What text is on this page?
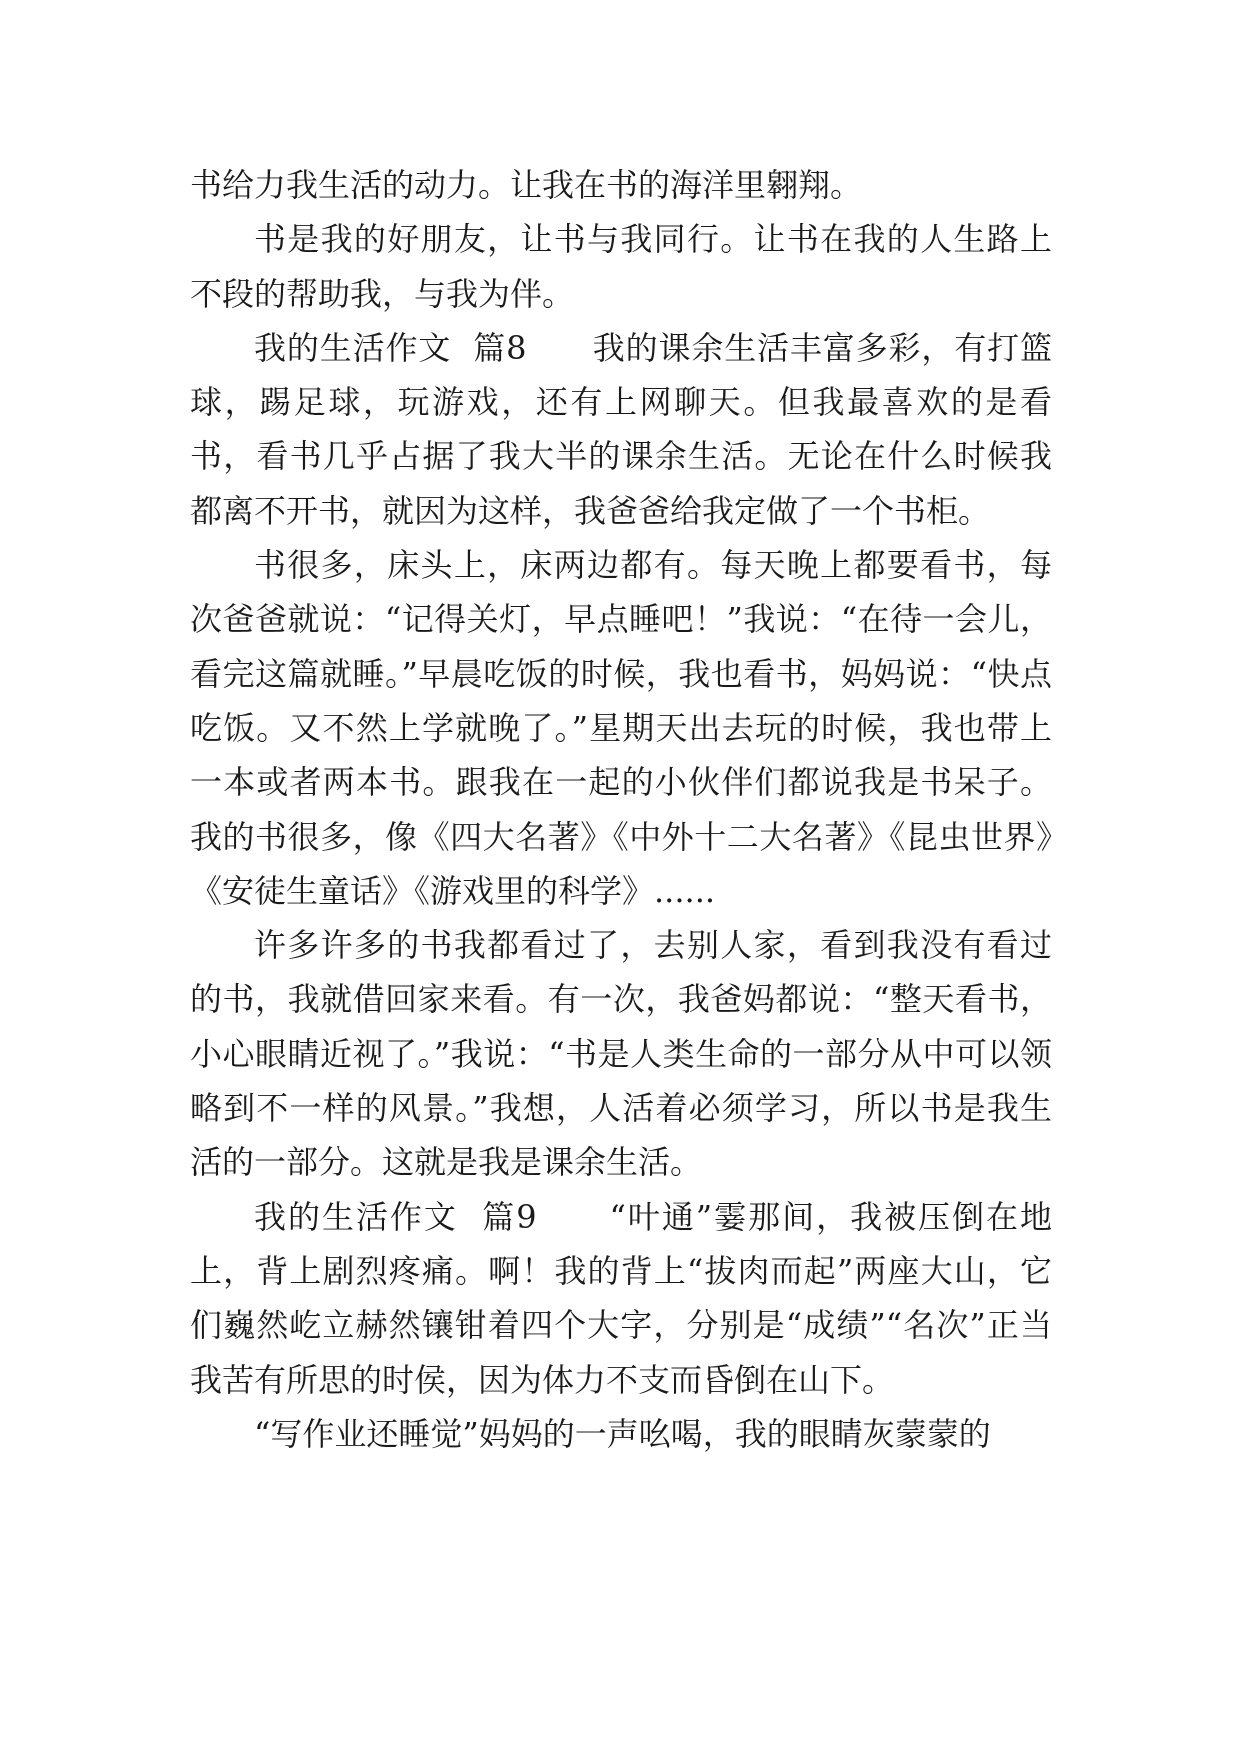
书给力我生活的动力。让我在书的海洋里翱翔。

书是我的好朋友，让书与我同行。让书在我的人生路上不段的帮助我，与我为伴。

我的生活作文  篇8 我的课余生活丰富多彩，有打篮球，踢足球，玩游戏，还有上网聊天。但我最喜欢的是看书，看书几乎占据了我大半的课余生活。无论在什么时候我都离不开书，就因为这样，我爸爸给我定做了一个书柜。

书很多，床头上，床两边都有。每天晚上都要看书，每次爸爸就说：“记得关灯，早点睡吧！”我说：“在待一会儿，看完这篇就睡。”早晨吃饭的时候，我也看书，妈妈说：“快点吃饭。又不然上学就晚了。”星期天出去玩的时候，我也带上一本或者两本书。跟我在一起的小伙伴们都说我是书呆子。我的书很多，像《四大名著》《中外十二大名著》《昆虫世界》《安徒生童话》《游戏里的科学》......

许多许多的书我都看过了，去别人家，看到我没有看过的书，我就借回家来看。有一次，我爸妈都说：“整天看书，小心眼睛近视了。”我说：“书是人类生命的一部分从中可以领略到不一样的风景。”我想，人活着必须学习，所以书是我生活的一部分。这就是我是课余生活。

我的生活作文  篇9 “叶通”霎那间，我被压倒在地上，背上剧烈疼痛。啊！我的背上“拔肉而起”两座大山，它们巍然屹立赫然镶钳着四个大字，分别是“成绩”“名次”正当我苦有所思的时侯，因为体力不支而昏倒在山下。

“写作业还睡觉”妈妈的一声吆喝，我的眼睛灰蒙蒙的
